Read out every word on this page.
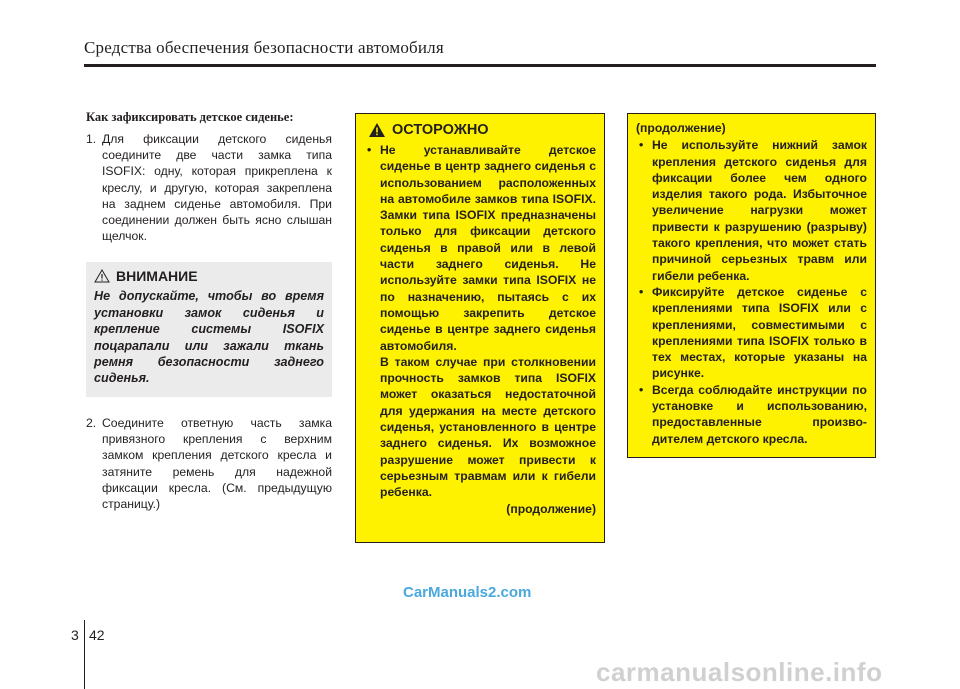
Средства обеспечения безопасности автомобиля
Как зафиксировать детское сиденье:
1. Для фиксации детского сиденья соедините две части замка типа ISOFIX: одну, которая прикреплена к креслу, и другую, которая закреплена на заднем сиденье автомобиля. При соединении должен быть ясно слышан щелчок.
ВНИМАНИЕ
Не допускайте, чтобы во время установки замок сиденья и крепление системы ISOFIX поцарапали или зажали ткань ремня безопасности заднего сиденья.
2. Соедините ответную часть замка привязного крепления с верхним замком крепления детского кресла и затяните ремень для надежной фиксации кресла. (См. предыдущую страницу.)
ОСТОРОЖНО
• Не устанавливайте детское сиденье в центр заднего сиденья с использованием расположенных на автомобиле замков типа ISOFIX. Замки типа ISOFIX предназначены только для фиксации детского сиденья в правой или в левой части заднего сиденья. Не используйте замки типа ISOFIX не по назначению, пытаясь с их помощью закрепить детское сиденье в центре заднего сиденья автомобиля.
В таком случае при столкновении прочность замков типа ISOFIX может оказаться недостаточной для удержания на месте детского сиденья, установленного в центре заднего сиденья. Их возможное разрушение может привести к серьезным травмам или к гибели ребенка.
(продолжение)
(продолжение)
• Не используйте нижний замок крепления детского сиденья для фиксации более чем одного изделия такого рода. Избыточное увеличение нагрузки может привести к разрушению (разрыву) такого крепления, что может стать причиной серьезных травм или гибели ребенка.
• Фиксируйте детское сиденье с креплениями типа ISOFIX или с креплениями, совместимыми с креплениями типа ISOFIX только в тех местах, которые указаны на рисунке.
• Всегда соблюдайте инструкции по установке и использованию, предоставленные произво- дителем детского кресла.
CarManuals2.com
3 42
carmanualsonline.info
